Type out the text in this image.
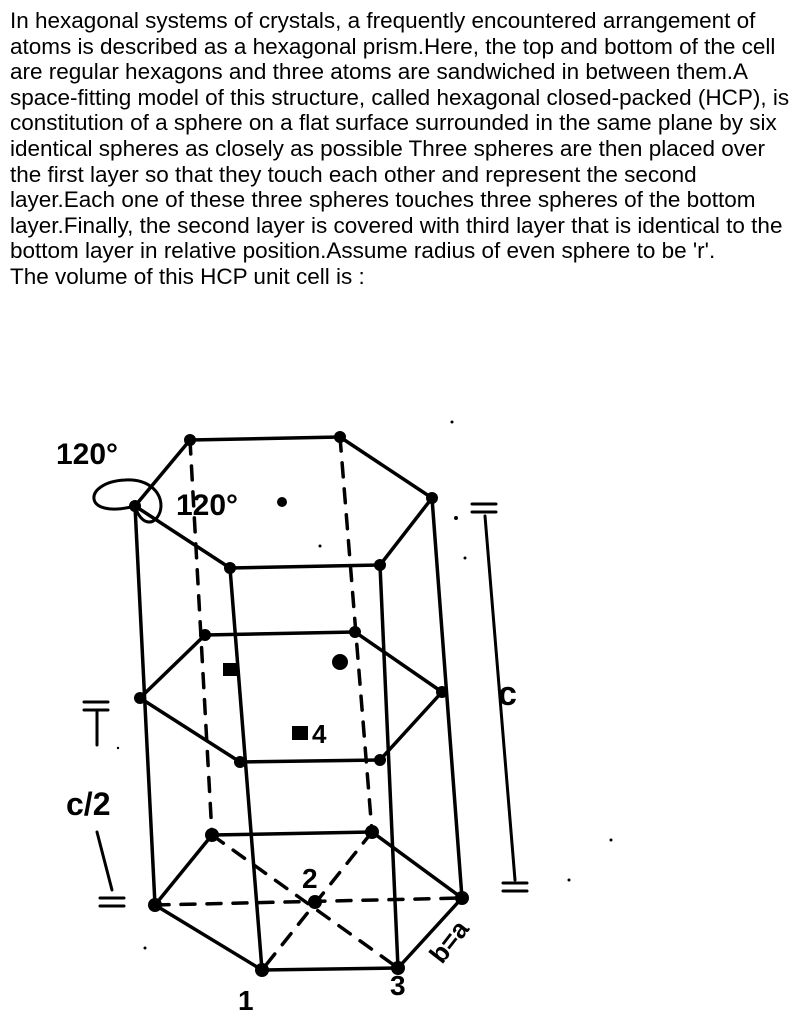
In hexagonal systems of crystals, a frequently encountered arrangement of atoms is described as a hexagonal prism.Here, the top and bottom of the cell are regular hexagons and three atoms are sandwiched in between them.A space-fitting model of this structure, called hexagonal closed-packed (HCP), is constitution of a sphere on a flat surface surrounded in the same plane by six identical spheres as closely as possible Three spheres are then placed over the first layer so that they touch each other and represent the second layer.Each one of these three spheres touches three spheres of the bottom layer.Finally, the second layer is covered with third layer that is identical to the bottom layer in relative position.Assume radius of even sphere to be 'r'.

The volume of this HCP unit cell is :

120°
120°
c
c/2
4
2
1	3
b=a
